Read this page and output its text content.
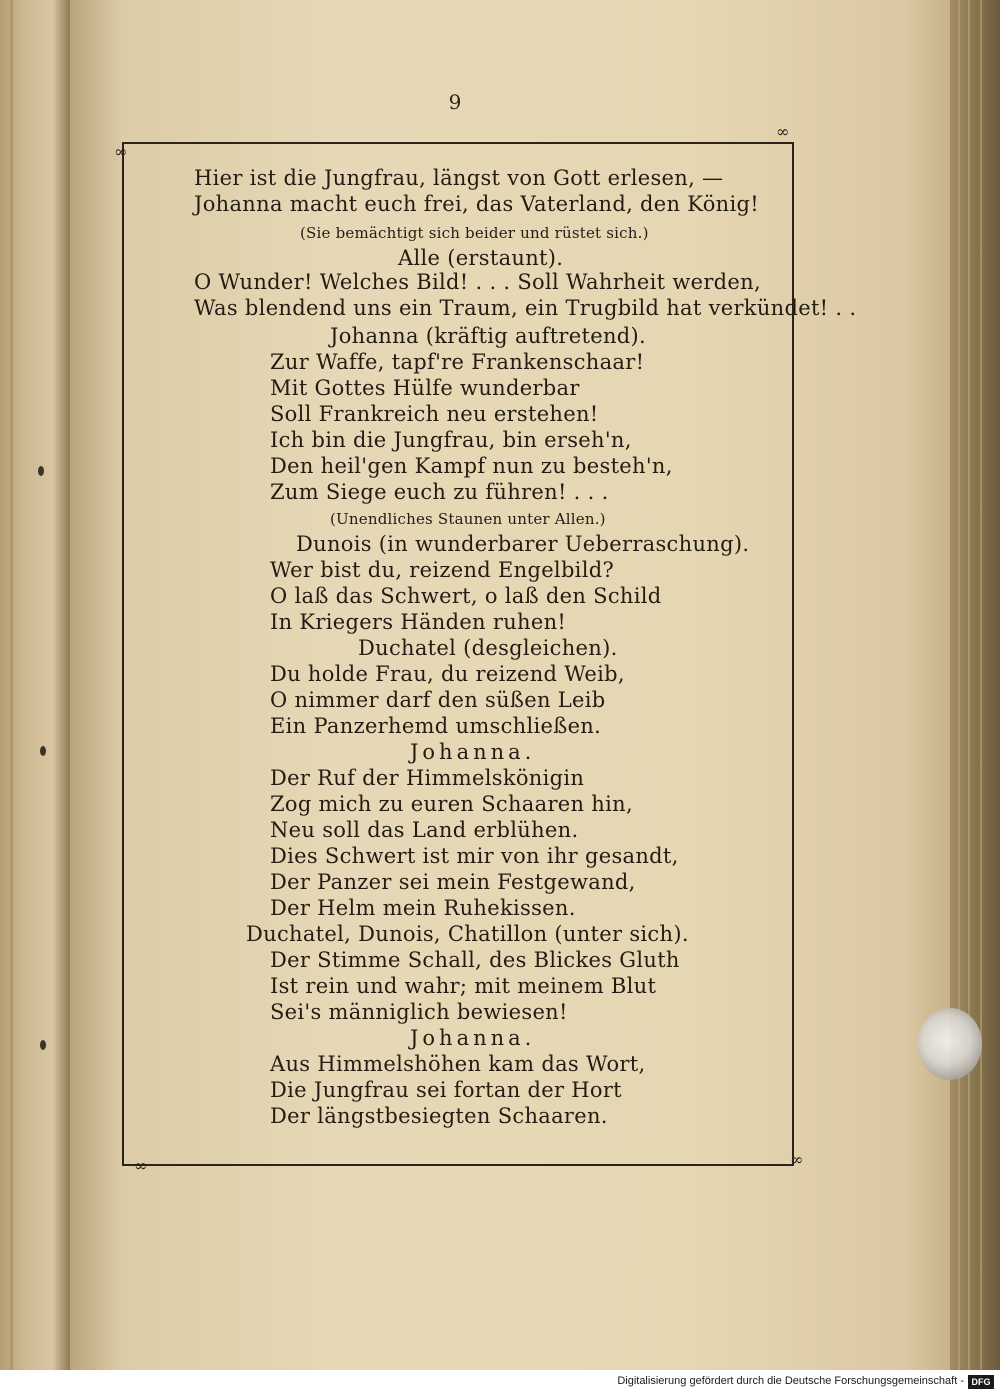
9
∞
∞
∞	∞
Hier ist die Jungfrau, längst von Gott erlesen, —
Johanna macht euch frei, das Vaterland, den König!
(Sie bemächtigt sich beider und rüstet sich.)
Alle (erstaunt).
O Wunder! Welches Bild! . . . Soll Wahrheit werden,
Was blendend uns ein Traum, ein Trugbild hat verkündet! . .
Johanna (kräftig auftretend).
Zur Waffe, tapf're Frankenschaar!
Mit Gottes Hülfe wunderbar
Soll Frankreich neu erstehen!
Ich bin die Jungfrau, bin erseh'n,
Den heil'gen Kampf nun zu besteh'n,
Zum Siege euch zu führen! . . .
(Unendliches Staunen unter Allen.)
Dunois (in wunderbarer Ueberraschung).
Wer bist du, reizend Engelbild?
O laß das Schwert, o laß den Schild
In Kriegers Händen ruhen!
Duchatel (desgleichen).
Du holde Frau, du reizend Weib,
O nimmer darf den süßen Leib
Ein Panzerhemd umschließen.
Johanna.
Der Ruf der Himmelskönigin
Zog mich zu euren Schaaren hin,
Neu soll das Land erblühen.
Dies Schwert ist mir von ihr gesandt,
Der Panzer sei mein Festgewand,
Der Helm mein Ruhekissen.
Duchatel, Dunois, Chatillon (unter sich).
Der Stimme Schall, des Blickes Gluth
Ist rein und wahr; mit meinem Blut
Sei's männiglich bewiesen!
Johanna.
Aus Himmelshöhen kam das Wort,
Die Jungfrau sei fortan der Hort
Der längstbesiegten Schaaren.
Digitalisierung gefördert durch die Deutsche Forschungsgemeinschaft - DFG
